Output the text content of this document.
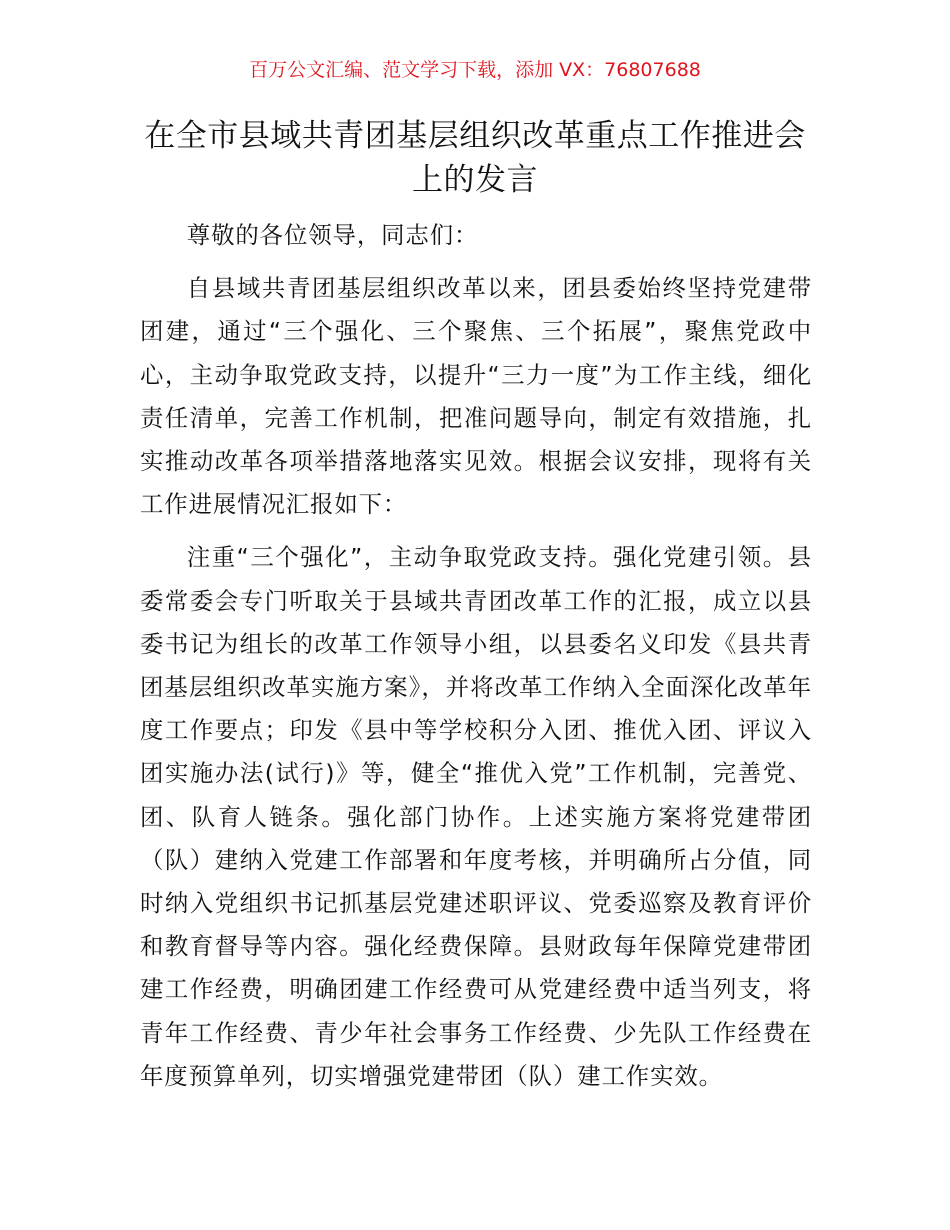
百万公文汇编、范文学习下载，添加 VX：76807688
在全市县域共青团基层组织改革重点工作推进会上的发言

尊敬的各位领导，同志们：

自县域共青团基层组织改革以来，团县委始终坚持党建带团建，通过“三个强化、三个聚焦、三个拓展”，聚焦党政中心，主动争取党政支持，以提升“三力一度”为工作主线，细化责任清单，完善工作机制，把准问题导向，制定有效措施，扎实推动改革各项举措落地落实见效。根据会议安排，现将有关工作进展情况汇报如下：

注重“三个强化”，主动争取党政支持。强化党建引领。县委常委会专门听取关于县域共青团改革工作的汇报，成立以县委书记为组长的改革工作领导小组，以县委名义印发《县共青团基层组织改革实施方案》，并将改革工作纳入全面深化改革年度工作要点；印发《县中等学校积分入团、推优入团、评议入团实施办法(试行)》等，健全“推优入党”工作机制，完善党、团、队育人链条。强化部门协作。上述实施方案将党建带团（队）建纳入党建工作部署和年度考核，并明确所占分值，同时纳入党组织书记抓基层党建述职评议、党委巡察及教育评价和教育督导等内容。强化经费保障。县财政每年保障党建带团建工作经费，明确团建工作经费可从党建经费中适当列支，将青年工作经费、青少年社会事务工作经费、少先队工作经费在年度预算单列，切实增强党建带团（队）建工作实效。
